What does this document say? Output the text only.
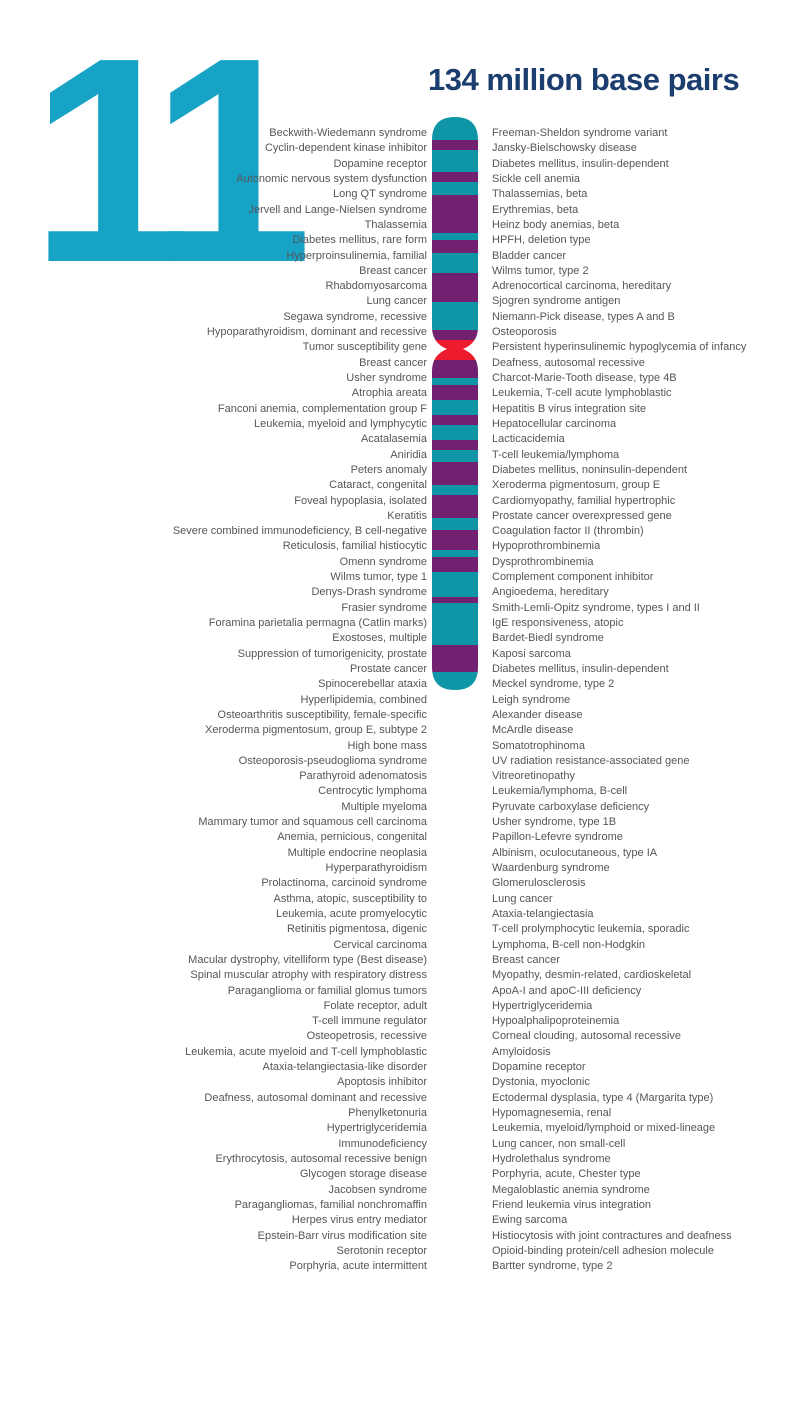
11	134 million base pairs
Beckwith-Wiedemann syndrome
Cyclin-dependent kinase inhibitor
Dopamine receptor
Autonomic nervous system dysfunction
Long QT syndrome
Jervell and Lange-Nielsen syndrome
Thalassemia
Diabetes mellitus, rare form
Hyperproinsulinemia, familial
Breast cancer
Rhabdomyosarcoma
Lung cancer
Segawa syndrome, recessive
Hypoparathyroidism, dominant and recessive
Tumor susceptibility gene
Breast cancer
Usher syndrome
Atrophia areata
Fanconi anemia, complementation group F
Leukemia, myeloid and lymphycytic
Acatalasemia
Aniridia
Peters anomaly
Cataract, congenital
Foveal hypoplasia, isolated
Keratitis
Severe combined immunodeficiency, B cell-negative
Reticulosis, familial histiocytic
Omenn syndrome
Wilms tumor, type 1
Denys-Drash syndrome
Frasier syndrome
Foramina parietalia permagna (Catlin marks)
Exostoses, multiple
Suppression of tumorigenicity, prostate
Prostate cancer
Spinocerebellar ataxia
Hyperlipidemia, combined
Osteoarthritis susceptibility, female-specific
Xeroderma pigmentosum, group E, subtype 2
High bone mass
Osteoporosis-pseudoglioma syndrome
Parathyroid adenomatosis
Centrocytic lymphoma
Multiple myeloma
Mammary tumor and squamous cell carcinoma
Anemia, pernicious, congenital
Multiple endocrine neoplasia
Hyperparathyroidism
Prolactinoma, carcinoid syndrome
Asthma, atopic, susceptibility to
Leukemia, acute promyelocytic
Retinitis pigmentosa, digenic
Cervical carcinoma
Macular dystrophy, vitelliform type (Best disease)
Spinal muscular atrophy with respiratory distress
Paraganglioma or familial glomus tumors
Folate receptor, adult
T-cell immune regulator
Osteopetrosis, recessive
Leukemia, acute myeloid and T-cell lymphoblastic
Ataxia-telangiectasia-like disorder
Apoptosis inhibitor
Deafness, autosomal dominant and recessive
Phenylketonuria
Hypertriglyceridemia
Immunodeficiency
Erythrocytosis, autosomal recessive benign
Glycogen storage disease
Jacobsen syndrome
Paragangliomas, familial nonchromaffin
Herpes virus entry mediator
Epstein-Barr virus modification site
Serotonin receptor
Porphyria, acute intermittent
Freeman-Sheldon syndrome variant
Jansky-Bielschowsky disease
Diabetes mellitus, insulin-dependent
Sickle cell anemia
Thalassemias, beta
Erythremias, beta
Heinz body anemias, beta
HPFH, deletion type
Bladder cancer
Wilms tumor, type 2
Adrenocortical carcinoma, hereditary
Sjogren syndrome antigen
Niemann-Pick disease, types A and B
Osteoporosis
Persistent hyperinsulinemic hypoglycemia of infancy
Deafness, autosomal recessive
Charcot-Marie-Tooth disease, type 4B
Leukemia, T-cell acute lymphoblastic
Hepatitis B virus integration site
Hepatocellular carcinoma
Lacticacidemia
T-cell leukemia/lymphoma
Diabetes mellitus, noninsulin-dependent
Xeroderma pigmentosum, group E
Cardiomyopathy, familial hypertrophic
Prostate cancer overexpressed gene
Coagulation factor II (thrombin)
Hypoprothrombinemia
Dysprothrombinemia
Complement component inhibitor
Angioedema, hereditary
Smith-Lemli-Opitz syndrome, types I and II
IgE responsiveness, atopic
Bardet-Biedl syndrome
Kaposi sarcoma
Diabetes mellitus, insulin-dependent
Meckel syndrome, type 2
Leigh syndrome
Alexander disease
McArdle disease
Somatotrophinoma
UV radiation resistance-associated gene
Vitreoretinopathy
Leukemia/lymphoma, B-cell
Pyruvate carboxylase deficiency
Usher syndrome, type 1B
Papillon-Lefevre syndrome
Albinism, oculocutaneous, type IA
Waardenburg syndrome
Glomerulosclerosis
Lung cancer
Ataxia-telangiectasia
T-cell prolymphocytic leukemia, sporadic
Lymphoma, B-cell non-Hodgkin
Breast cancer
Myopathy, desmin-related, cardioskeletal
ApoA-I and apoC-III deficiency
Hypertriglyceridemia
Hypoalphalipoproteinemia
Corneal clouding, autosomal recessive
Amyloidosis
Dopamine receptor
Dystonia, myoclonic
Ectodermal dysplasia, type 4 (Margarita type)
Hypomagnesemia, renal
Leukemia, myeloid/lymphoid or mixed-lineage
Lung cancer, non small-cell
Hydrolethalus syndrome
Porphyria, acute, Chester type
Megaloblastic anemia syndrome
Friend leukemia virus integration
Ewing sarcoma
Histiocytosis with joint contractures and deafness
Opioid-binding protein/cell adhesion molecule
Bartter syndrome, type 2
